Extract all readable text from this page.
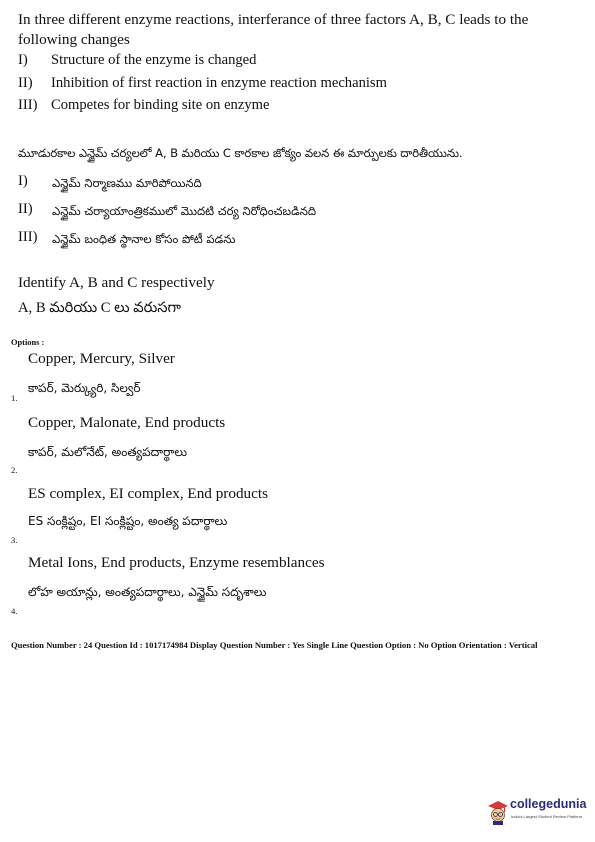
In three different enzyme reactions, interferance of three factors A, B, C leads to the following changes
I)	Structure of the enzyme is changed
II)	Inhibition of first reaction in enzyme reaction mechanism
III) Competes for binding site on enzyme
మూడురకాల ఎన్జైమ్ చర్యలలో A, B మరియు C కారకాల జోక్యం వలన ఈ మార్పులకు దారితీయును.
I) ఎన్జైమ్ నిర్మాణము మారిపోయినది
II) ఎన్జైమ్ చర్యాయాంత్రికములో మొదటి చర్య నిరోధించబడినది
III) ఎన్జైమ్ బంధిత స్థానాల కోసం పోటీ పడను
Identify A, B and C respectively
A, B మరియు C లు వరుసగా
Options :
Copper, Mercury, Silver
కాపర్, మెర్క్యురి, సిల్వర్
1.
Copper, Malonate, End products
కాపర్, మలోనేట్, అంత్యపదార్థాలు
2.
ES complex, EI complex, End products
ES సంక్లిష్టం, EI సంక్లిష్టం, అంత్య పదార్థాలు
3.
Metal Ions, End products, Enzyme resemblances
లోహ అయాన్లు, అంత్యపదార్థాలు, ఎన్జైమ్ సదృశాలు
4.
Question Number : 24 Question Id : 1017174984 Display Question Number : Yes Single Line Question Option : No Option Orientation : Vertical
collegedunia
India's Largest Student Review Platform
